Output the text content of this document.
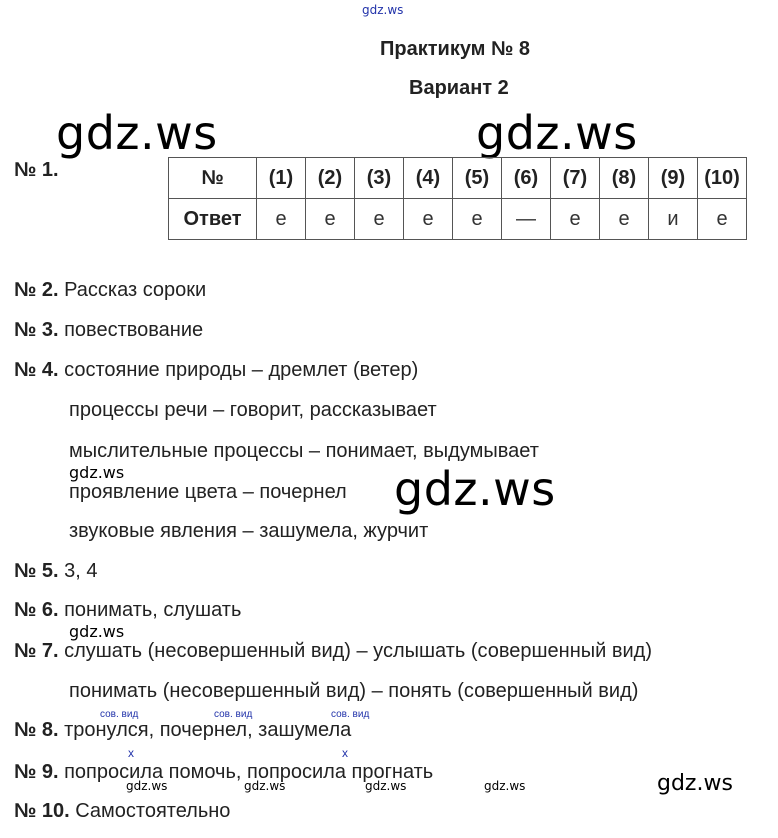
gdz.ws
gdz.ws	gdz.ws
Практикум № 8
Вариант 2
№ 1.	№	(1)	(2)	(3)	(4)	(5)	(6)	(7)	(8)	(9)	(10)
Ответ	е	е	е	е	е	—	е	е	и	е
№ 2. Рассказ сороки
№ 3. повествование
№ 4. состояние природы – дремлет (ветер)
процессы речи – говорит, рассказывает
мыслительные процессы – понимает, выдумывает
проявление цвета – почернел
звуковые явления – зашумела, журчит
gdz.ws	gdz.ws
№ 5. 3, 4
№ 6. понимать, слушать
gdz.ws
№ 7. слушать (несовершенный вид) – услышать (совершенный вид)
понимать (несовершенный вид) – понять (совершенный вид)
сов. вид	сов. вид	сов. вид
№ 8. тронулся, почернел, зашумела
x	x
№ 9. попросила помочь, попросила прогнать
gdz.ws	gdz.ws	gdz.ws	gdz.ws	gdz.ws
№ 10. Самостоятельно
